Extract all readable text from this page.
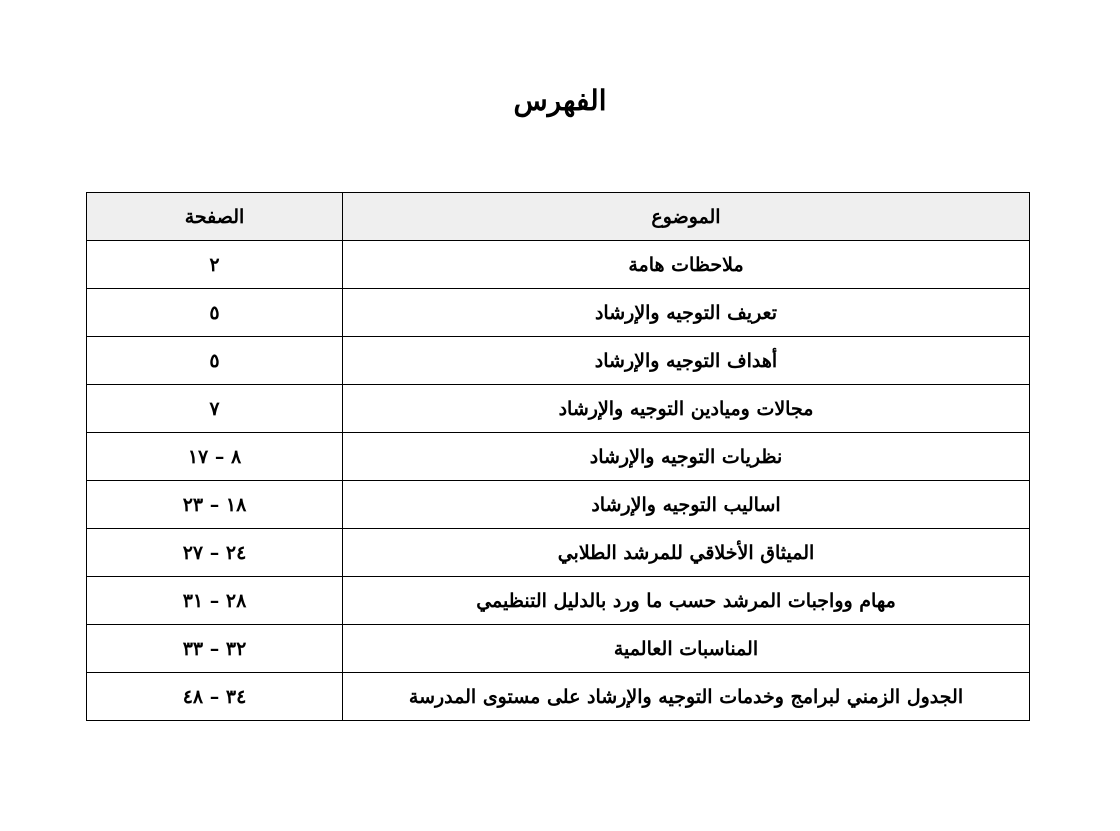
الفهرس
الموضوع	الصفحة
ملاحظات هامة	٢
تعريف التوجيه والإرشاد	٥
أهداف التوجيه والإرشاد	٥
مجالات وميادين التوجيه والإرشاد	٧
نظريات التوجيه والإرشاد	٨ – ١٧
اساليب التوجيه والإرشاد	١٨ – ٢٣
الميثاق الأخلاقي للمرشد الطلابي	٢٤ – ٢٧
مهام وواجبات المرشد حسب ما ورد بالدليل التنظيمي	٢٨ – ٣١
المناسبات العالمية	٣٢ – ٣٣
الجدول الزمني لبرامج وخدمات التوجيه والإرشاد على مستوى المدرسة	٣٤ – ٤٨
